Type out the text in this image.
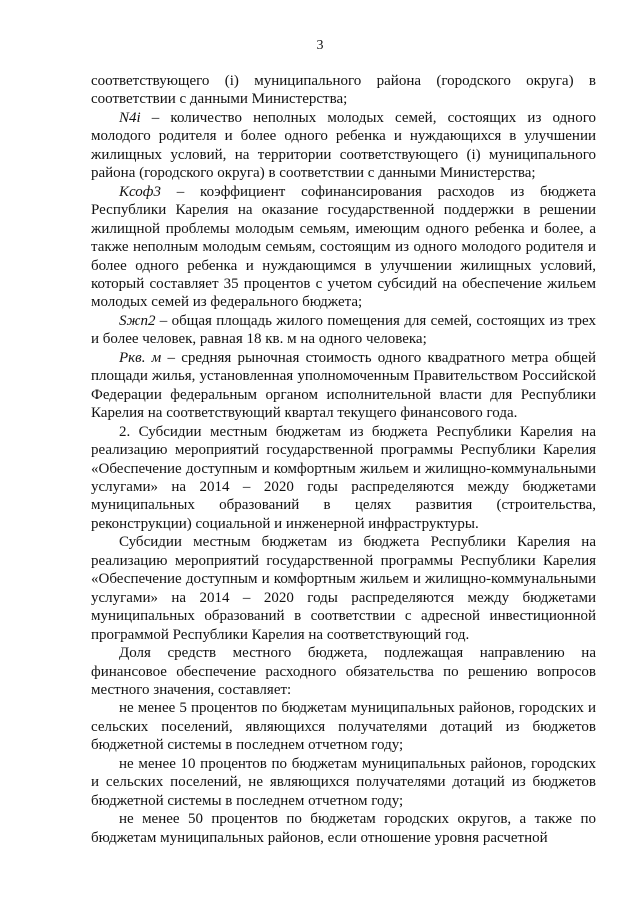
3

соответствующего (i) муниципального района (городского округа) в соответствии с данными Министерства;

N4i – количество неполных молодых семей, состоящих из одного молодого родителя и более одного ребенка и нуждающихся в улучшении жилищных условий, на территории соответствующего (i) муниципального района (городского округа) в соответствии с данными Министерства;

Kсоф3 – коэффициент софинансирования расходов из бюджета Республики Карелия на оказание государственной поддержки в решении жилищной проблемы молодым семьям, имеющим одного ребенка и более, а также неполным молодым семьям, состоящим из одного молодого родителя и более одного ребенка и нуждающимся в улучшении жилищных условий, который составляет 35 процентов с учетом субсидий на обеспечение жильем молодых семей из федерального бюджета;

Sжп2 – общая площадь жилого помещения для семей, состоящих из трех и более человек, равная 18 кв. м на одного человека;

Ркв. м – средняя рыночная стоимость одного квадратного метра общей площади жилья, установленная уполномоченным Правительством Российской Федерации федеральным органом исполнительной власти для Республики Карелия на соответствующий квартал текущего финансового года.

2. Субсидии местным бюджетам из бюджета Республики Карелия на реализацию мероприятий государственной программы Республики Карелия «Обеспечение доступным и комфортным жильем и жилищно-коммунальными услугами» на 2014 – 2020 годы распределяются между бюджетами муниципальных образований в целях развития (строительства, реконструкции) социальной и инженерной инфраструктуры.

Субсидии местным бюджетам из бюджета Республики Карелия на реализацию мероприятий государственной программы Республики Карелия «Обеспечение доступным и комфортным жильем и жилищно-коммунальными услугами» на 2014 – 2020 годы распределяются между бюджетами муниципальных образований в соответствии с адресной инвестиционной программой Республики Карелия на соответствующий год.

Доля средств местного бюджета, подлежащая направлению на финансовое обеспечение расходного обязательства по решению вопросов местного значения, составляет:

не менее 5 процентов по бюджетам муниципальных районов, городских и сельских поселений, являющихся получателями дотаций из бюджетов бюджетной системы в последнем отчетном году;

не менее 10 процентов по бюджетам муниципальных районов, городских и сельских поселений, не являющихся получателями дотаций из бюджетов бюджетной системы в последнем отчетном году;

не менее 50 процентов по бюджетам городских округов, а также по бюджетам муниципальных районов, если отношение уровня расчетной
